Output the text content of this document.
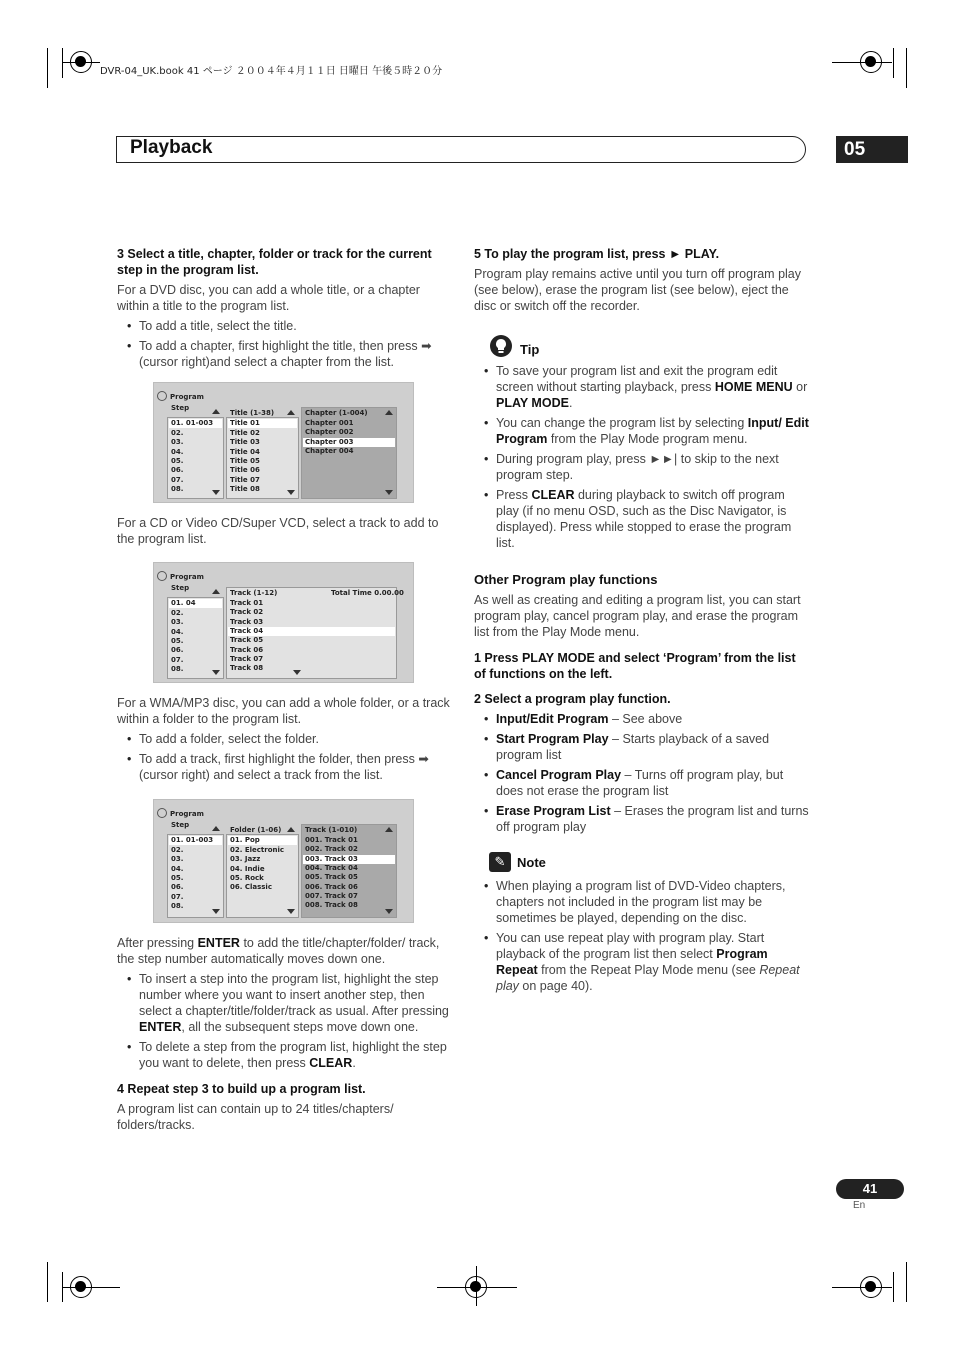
DVR-04_UK.book 41 ページ ２００４年４月１１日 日曜日 午後５時２０分
Playback	05

3 Select a title, chapter, folder or track for the current step in the program list.

For a DVD disc, you can add a whole title, or a chapter within a title to the program list.

• To add a title, select the title.

• To add a chapter, first highlight the title, then press ➡ (cursor right)and select a chapter from the list.

Program
Step
01. 01-003
02.
03.
04.
05.
06.
07.
08.
Title (1-38)
Title 01
Title 02
Title 03
Title 04
Title 05
Title 06
Title 07
Title 08
Chapter (1-004)
Chapter 001
Chapter 002
Chapter 003
Chapter 004

For a CD or Video CD/Super VCD, select a track to add to the program list.

Program
Step
01. 04
02.
03.
04.
05.
06.
07.
08.
Track (1-12)	Total Time 0.00.00
Track 01
Track 02
Track 03
Track 04
Track 05
Track 06
Track 07
Track 08

For a WMA/MP3 disc, you can add a whole folder, or a track within a folder to the program list.

• To add a folder, select the folder.

• To add a track, first highlight the folder, then press ➡ (cursor right) and select a track from the list.

Program
Step
01. 01-003
02.
03.
04.
05.
06.
07.
08.
Folder (1-06)
01. Pop
02. Electronic
03. Jazz
04. Indie
05. Rock
06. Classic
Track (1-010)
001. Track 01
002. Track 02
003. Track 03
004. Track 04
005. Track 05
006. Track 06
007. Track 07
008. Track 08

After pressing ENTER to add the title/chapter/folder/ track, the step number automatically moves down one.

• To insert a step into the program list, highlight the step number where you want to insert another step, then select a chapter/title/folder/track as usual. After pressing ENTER, all the subsequent steps move down one.

• To delete a step from the program list, highlight the step you want to delete, then press CLEAR.

4 Repeat step 3 to build up a program list.

A program list can contain up to 24 titles/chapters/ folders/tracks.

5 To play the program list, press ► PLAY.

Program play remains active until you turn off program play (see below), erase the program list (see below), eject the disc or switch off the recorder.

Tip

• To save your program list and exit the program edit screen without starting playback, press HOME MENU or PLAY MODE.

• You can change the program list by selecting Input/ Edit Program from the Play Mode program menu.

• During program play, press ►►| to skip to the next program step.

• Press CLEAR during playback to switch off program play (if no menu OSD, such as the Disc Navigator, is displayed). Press while stopped to erase the program list.

Other Program play functions

As well as creating and editing a program list, you can start program play, cancel program play, and erase the program list from the Play Mode menu.

1 Press PLAY MODE and select ‘Program’ from the list of functions on the left.

2 Select a program play function.

• Input/Edit Program – See above

• Start Program Play – Starts playback of a saved program list

• Cancel Program Play – Turns off program play, but does not erase the program list

• Erase Program List – Erases the program list and turns off program play

✎ Note

• When playing a program list of DVD-Video chapters, chapters not included in the program list may be sometimes be played, depending on the disc.

• You can use repeat play with program play. Start playback of the program list then select Program Repeat from the Repeat Play Mode menu (see Repeat play on page 40).

41
En
